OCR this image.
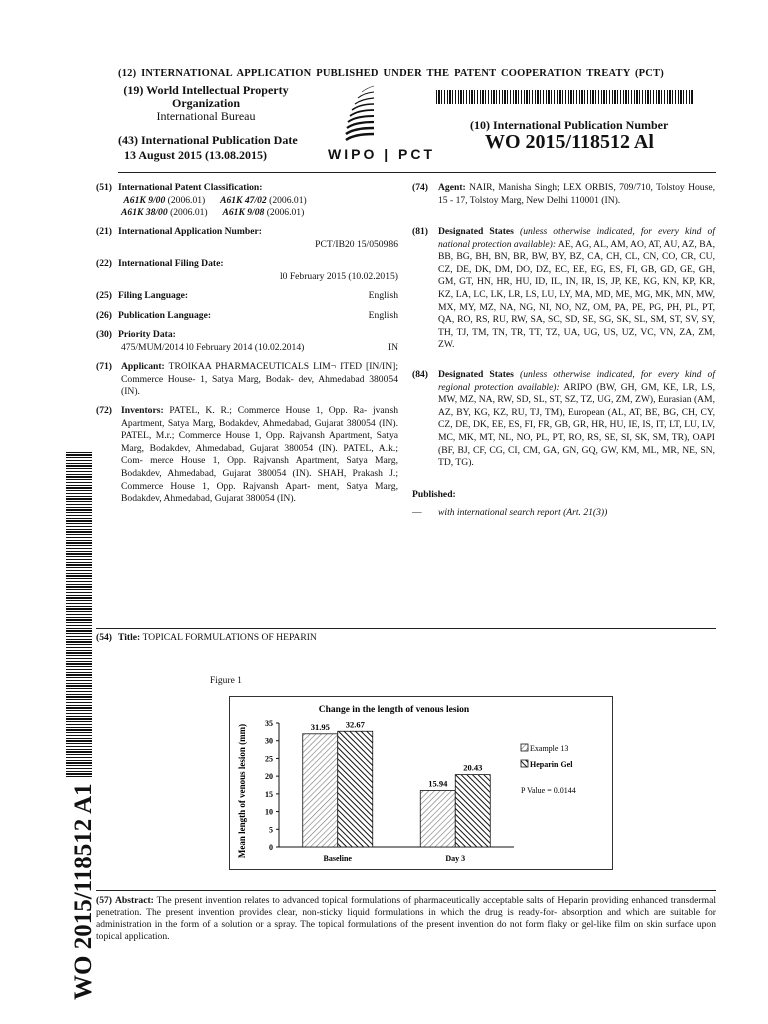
(12) INTERNATIONAL APPLICATION PUBLISHED UNDER THE PATENT COOPERATION TREATY (PCT)
(19) World Intellectual Property
Organization
International Bureau
(43) International Publication Date
13 August 2015 (13.08.2015)	WIPO | PCT
(10) International Publication Number
WO 2015/118512 Al
(51) International Patent Classification:
A61K 9/00 (2006.01) A61K 47/02 (2006.01)
A61K 38/00 (2006.01) A61K 9/08 (2006.01)
(21) International Application Number:
PCT/IB20 15/050986
(22) International Filing Date:
l0 February 2015 (10.02.2015)
(25) Filing Language:	English
(26) Publication Language:	English
(30) Priority Data:
475/MUM/2014 l0 February 2014 (10.02.2014)	IN
(71) Applicant: TROIKAA PHARMACEUTICALS LIM¬ ITED [IN/IN]; Commerce House- 1, Satya Marg, Bodak- dev, Ahmedabad 380054 (IN).
(72) Inventors: PATEL, K. R.; Commerce House 1, Opp. Ra- jvansh Apartment, Satya Marg, Bodakdev, Ahmedabad, Gujarat 380054 (IN). PATEL, M.r.; Commerce House 1, Opp. Rajvansh Apartment, Satya Marg, Bodakdev, Ahmedabad, Gujarat 380054 (IN). PATEL, A.k.; Com- merce House 1, Opp. Rajvansh Apartment, Satya Marg, Bodakdev, Ahmedabad, Gujarat 380054 (IN). SHAH, Prakash J.; Commerce House 1, Opp. Rajvansh Apart- ment, Satya Marg, Bodakdev, Ahmedabad, Gujarat 380054 (IN).
(74)	Agent: NAIR, Manisha Singh; LEX ORBIS, 709/710, Tolstoy House, 15 - 17, Tolstoy Marg, New Delhi 110001 (IN).
(81)	Designated States (unless otherwise indicated, for every kind of national protection available): AE, AG, AL, AM, AO, AT, AU, AZ, BA, BB, BG, BH, BN, BR, BW, BY, BZ, CA, CH, CL, CN, CO, CR, CU, CZ, DE, DK, DM, DO, DZ, EC, EE, EG, ES, FI, GB, GD, GE, GH, GM, GT, HN, HR, HU, ID, IL, IN, IR, IS, JP, KE, KG, KN, KP, KR, KZ, LA, LC, LK, LR, LS, LU, LY, MA, MD, ME, MG, MK, MN, MW, MX, MY, MZ, NA, NG, NI, NO, NZ, OM, PA, PE, PG, PH, PL, PT, QA, RO, RS, RU, RW, SA, SC, SD, SE, SG, SK, SL, SM, ST, SV, SY, TH, TJ, TM, TN, TR, TT, TZ, UA, UG, US, UZ, VC, VN, ZA, ZM, ZW.
(84)	Designated States (unless otherwise indicated, for every kind of regional protection available): ARIPO (BW, GH, GM, KE, LR, LS, MW, MZ, NA, RW, SD, SL, ST, SZ, TZ, UG, ZM, ZW), Eurasian (AM, AZ, BY, KG, KZ, RU, TJ, TM), European (AL, AT, BE, BG, CH, CY, CZ, DE, DK, EE, ES, FI, FR, GB, GR, HR, HU, IE, IS, IT, LT, LU, LV, MC, MK, MT, NL, NO, PL, PT, RO, RS, SE, SI, SK, SM, TR), OAPI (BF, BJ, CF, CG, CI, CM, GA, GN, GQ, GW, KM, ML, MR, NE, SN, TD, TG).
Published:
— with international search report (Art. 21(3))
(54) Title: TOPICAL FORMULATIONS OF HEPARIN
Figure 1
Change in the length of venous lesion
Mean length of venous lesion (mm)	0
5
10
15
20
25
30
35	31.95 32.67
Baseline
15.94
20.43
Day 3
Example 13
Heparin Gel
P Value = 0.0144
(57) Abstract: The present invention relates to advanced topical formulations of pharmaceutically acceptable salts of Heparin providing enhanced transdermal penetration. The present invention provides clear, non-sticky liquid formulations in which the drug is ready-for- absorption and which are suitable for administration in the form of a solution or a spray. The topical formulations of the present invention do not form flaky or gel-like film on skin surface upon topical application.
WO 2015/118512 A1
